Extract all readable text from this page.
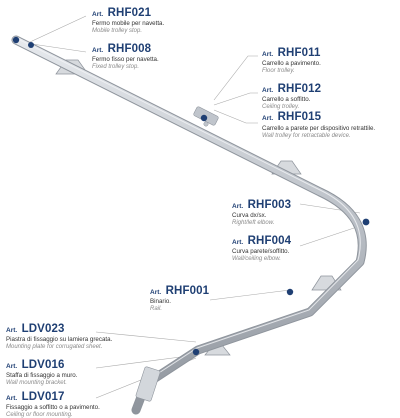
Art. RHF021
Fermo mobile per navetta.
Mobile trolley stop.
Art. RHF008
Fermo fisso per navetta.
Fixed trolley stop.
Art. RHF011
Carrello a pavimento.
Floor trolley.
Art. RHF012
Carrello a soffitto.
Ceiling trolley.
Art. RHF015
Carrello a parete per dispositivo retrattile.
Wall trolley for retractable device.
Art. RHF003
Curva dx/sx.
Right/left elbow.
Art. RHF004
Curva parete/soffitto.
Wall/ceiling elbow.
Art. RHF001
Binario.
Rail.
Art. LDV023
Piastra di fissaggio su lamiera grecata.
Mounting plate for corrugated sheet.
Art. LDV016
Staffa di fissaggio a muro.
Wall mounting bracket.
Art. LDV017
Fissaggio a soffitto o a pavimento.
Ceiling or floor mounting.
